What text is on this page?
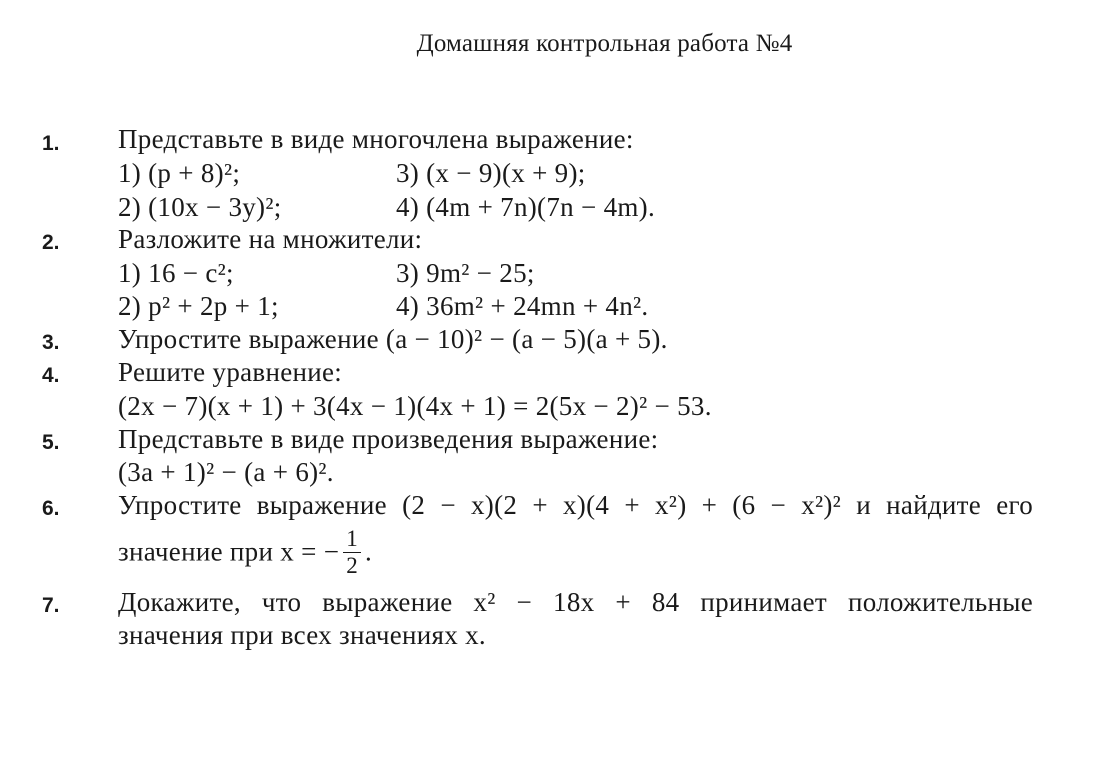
Домашняя контрольная работа №4
1. Представьте в виде многочлена выражение:
1) (p + 8)²;	3) (x − 9)(x + 9);
2) (10x − 3y)²;	4) (4m + 7n)(7n − 4m).
2. Разложите на множители:
1) 16 − c²;	3) 9m² − 25;
2) p² + 2p + 1;	4) 36m² + 24mn + 4n².
3. Упростите выражение (a − 10)² − (a − 5)(a + 5).
4. Решите уравнение:
(2x − 7)(x + 1) + 3(4x − 1)(4x + 1) = 2(5x − 2)² − 53.
5. Представьте в виде произведения выражение:
(3a + 1)² − (a + 6)².
6. Упростите выражение (2 − x)(2 + x)(4 + x²) + (6 − x²)² и найдите его
значение при x = − $\frac{1}{2}$ .
7. Докажите, что выражение x² − 18x + 84 принимает положительные
значения при всех значениях x.
